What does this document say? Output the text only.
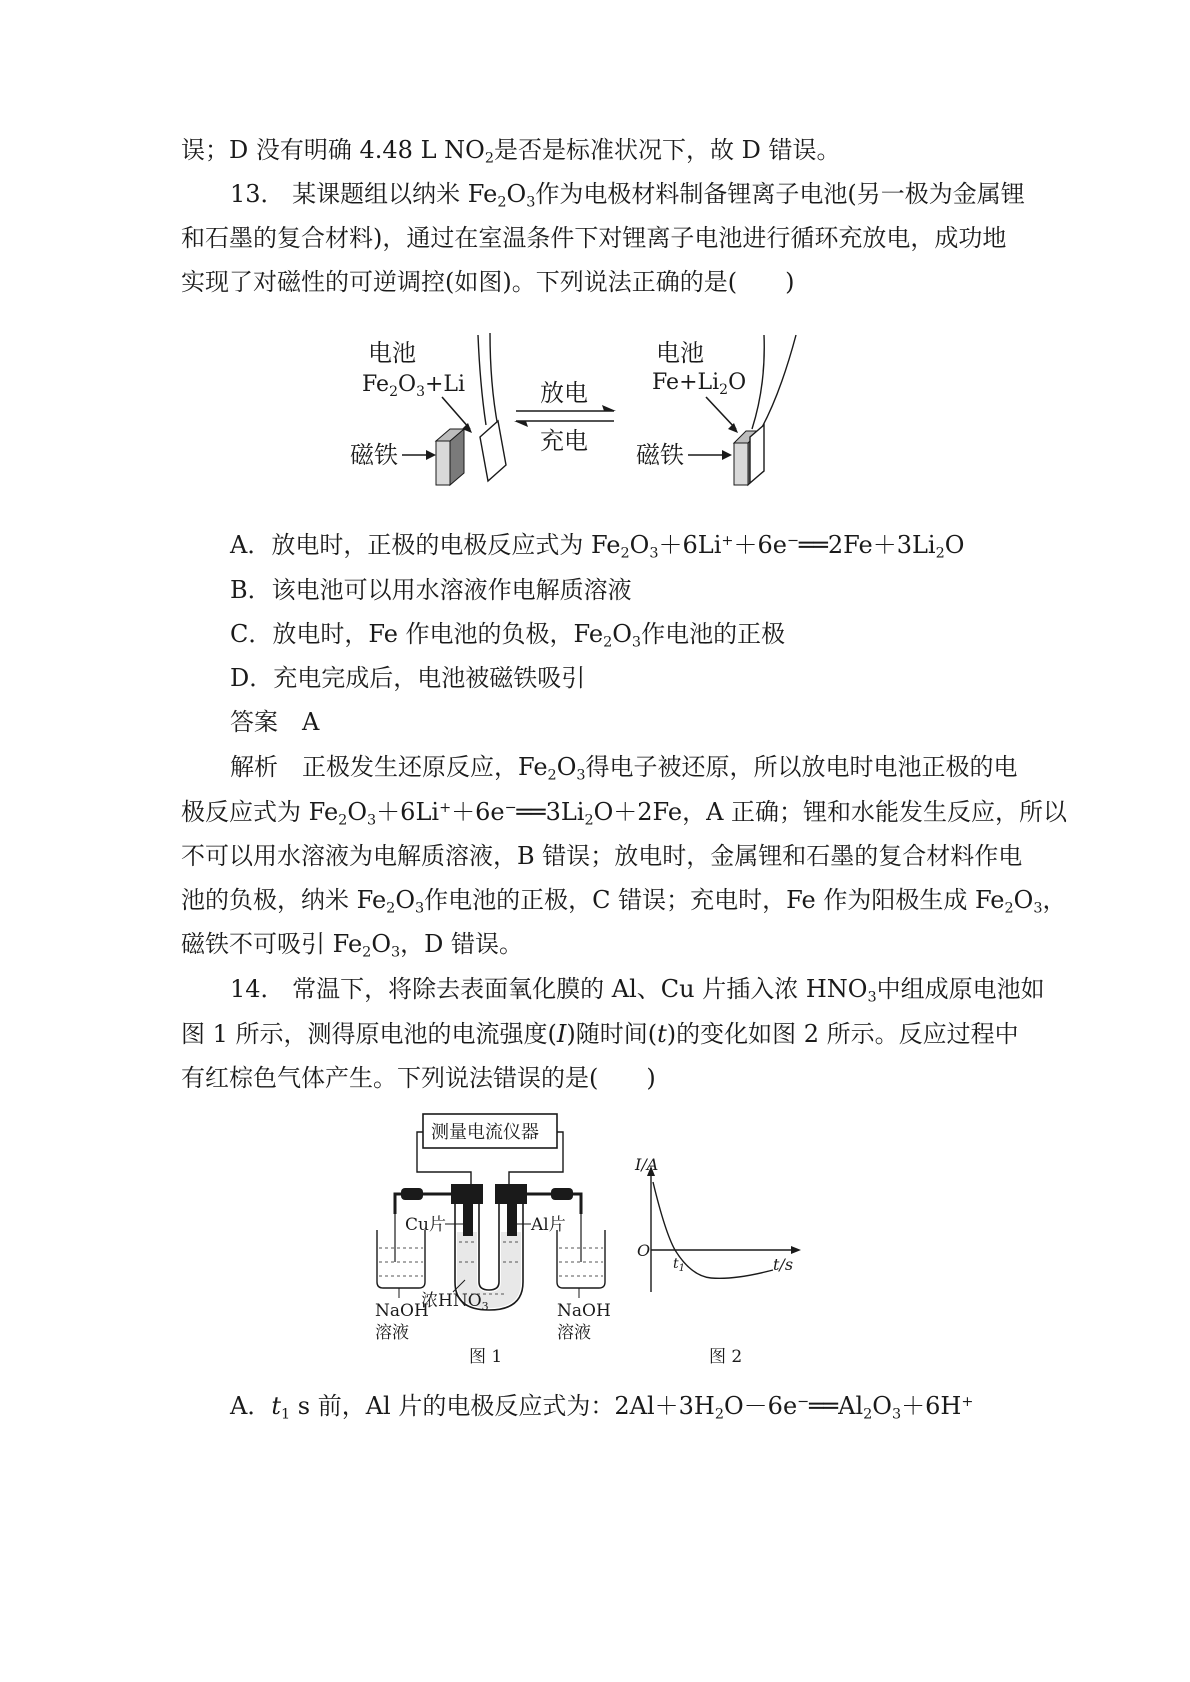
误；D 没有明确 4.48 L $NO_2$是否是标准状况下，故 D 错误。
13． 某课题组以纳米 $Fe_2O_3$作为电极材料制备锂离子电池(另一极为金属锂
和石墨的复合材料)，通过在室温条件下对锂离子电池进行循环充放电，成功地
实现了对磁性的可逆调控(如图)。下列说法正确的是(　　)
电池
$Fe_2O_3+Li$
磁铁
放电
充电
电池
$Fe+Li_2O$
磁铁
A．放电时，正极的电极反应式为 $Fe_2O_3+6Li^++6e^-══2Fe+3Li_2O$
B．该电池可以用水溶液作电解质溶液
C．放电时，Fe 作电池的负极，$Fe_2O_3$作电池的正极
D．充电完成后，电池被磁铁吸引
答案　A
解析　正极发生还原反应，$Fe_2O_3$得电子被还原，所以放电时电池正极的电
极反应式为 $Fe_2O_3+6Li^++6e^-══3Li_2O+2Fe$，A 正确；锂和水能发生反应，所以
不可以用水溶液为电解质溶液，B 错误；放电时，金属锂和石墨的复合材料作电
池的负极，纳米 $Fe_2O_3$作电池的正极，C 错误；充电时，Fe 作为阳极生成 $Fe_2O_3$，
磁铁不可吸引 $Fe_2O_3$，D 错误。
14． 常温下，将除去表面氧化膜的 Al、Cu 片插入浓 $HNO_3$中组成原电池如
图 1 所示，测得原电池的电流强度(I)随时间(t)的变化如图 2 所示。反应过程中
有红棕色气体产生。下列说法错误的是(　　)
测量电流仪器
Cu片	Al片
NaOH
溶液
NaOH
溶液
浓$HNO_3$
图 1
I/A
t/s
O
$t_1$
图 2
A．$t_1$ s 前，Al 片的电极反应式为：$2Al+3H_2O-6e^-══Al_2O_3+6H^+$
